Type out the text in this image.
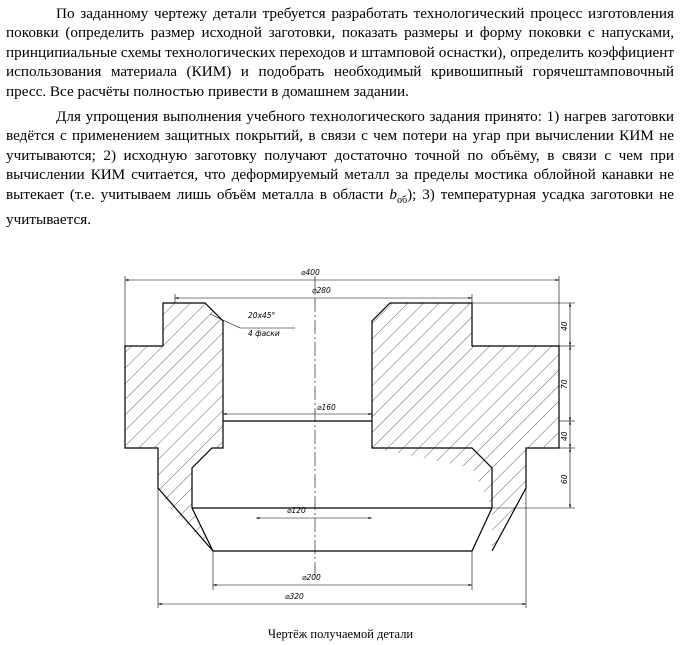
По заданному чертежу детали требуется разработать технологический процесс изготовления поковки (определить размер исходной заготовки, показать размеры и форму поковки с напусками, принципиальные схемы технологических переходов и штамповой оснастки), определить коэффициент использования материала (КИМ) и подобрать необходимый кривошипный горячештамповочный пресс. Все расчёты полностью привести в домашнем задании.

Для упрощения выполнения учебного технологического задания принято: 1) нагрев заготовки ведётся с применением защитных покрытий, в связи с чем потери на угар при вычислении КИМ не учитываются; 2) исходную заготовку получают достаточно точной по объёму, в связи с чем при вычислении КИМ считается, что деформируемый металл за пределы мостика облойной канавки не вытекает (т.е. учитываем лишь объём металла в области $b_{об}$); 3) температурная усадка заготовки не учитывается.

⌀400
⌀280
20x45°
4 фаски
⌀160
⌀120
⌀200
⌀320
40
70
40
60
Чертёж получаемой детали
